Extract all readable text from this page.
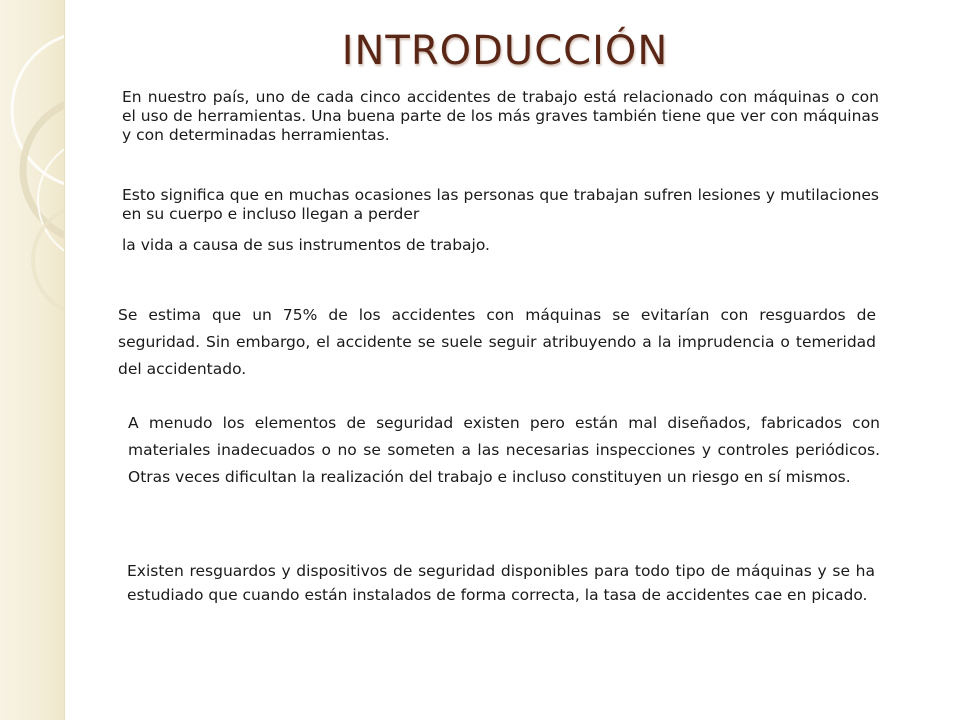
INTRODUCCIÓN

En nuestro país, uno de cada cinco accidentes de trabajo está relacionado con máquinas o con el uso de herramientas. Una buena parte de los más graves también tiene que ver con máquinas y con determinadas herramientas.

Esto significa que en muchas ocasiones las personas que trabajan sufren lesiones y mutilaciones en su cuerpo e incluso llegan a perder

la vida a causa de sus instrumentos de trabajo.

Se estima que un 75% de los accidentes con máquinas se evitarían con resguardos de seguridad. Sin embargo, el accidente se suele seguir atribuyendo a la imprudencia o temeridad del accidentado.

A menudo los elementos de seguridad existen pero están mal diseñados, fabricados con materiales inadecuados o no se someten a las necesarias inspecciones y controles periódicos. Otras veces dificultan la realización del trabajo e incluso constituyen un riesgo en sí mismos.

Existen resguardos y dispositivos de seguridad disponibles para todo tipo de máquinas y se ha estudiado que cuando están instalados de forma correcta, la tasa de accidentes cae en picado.
